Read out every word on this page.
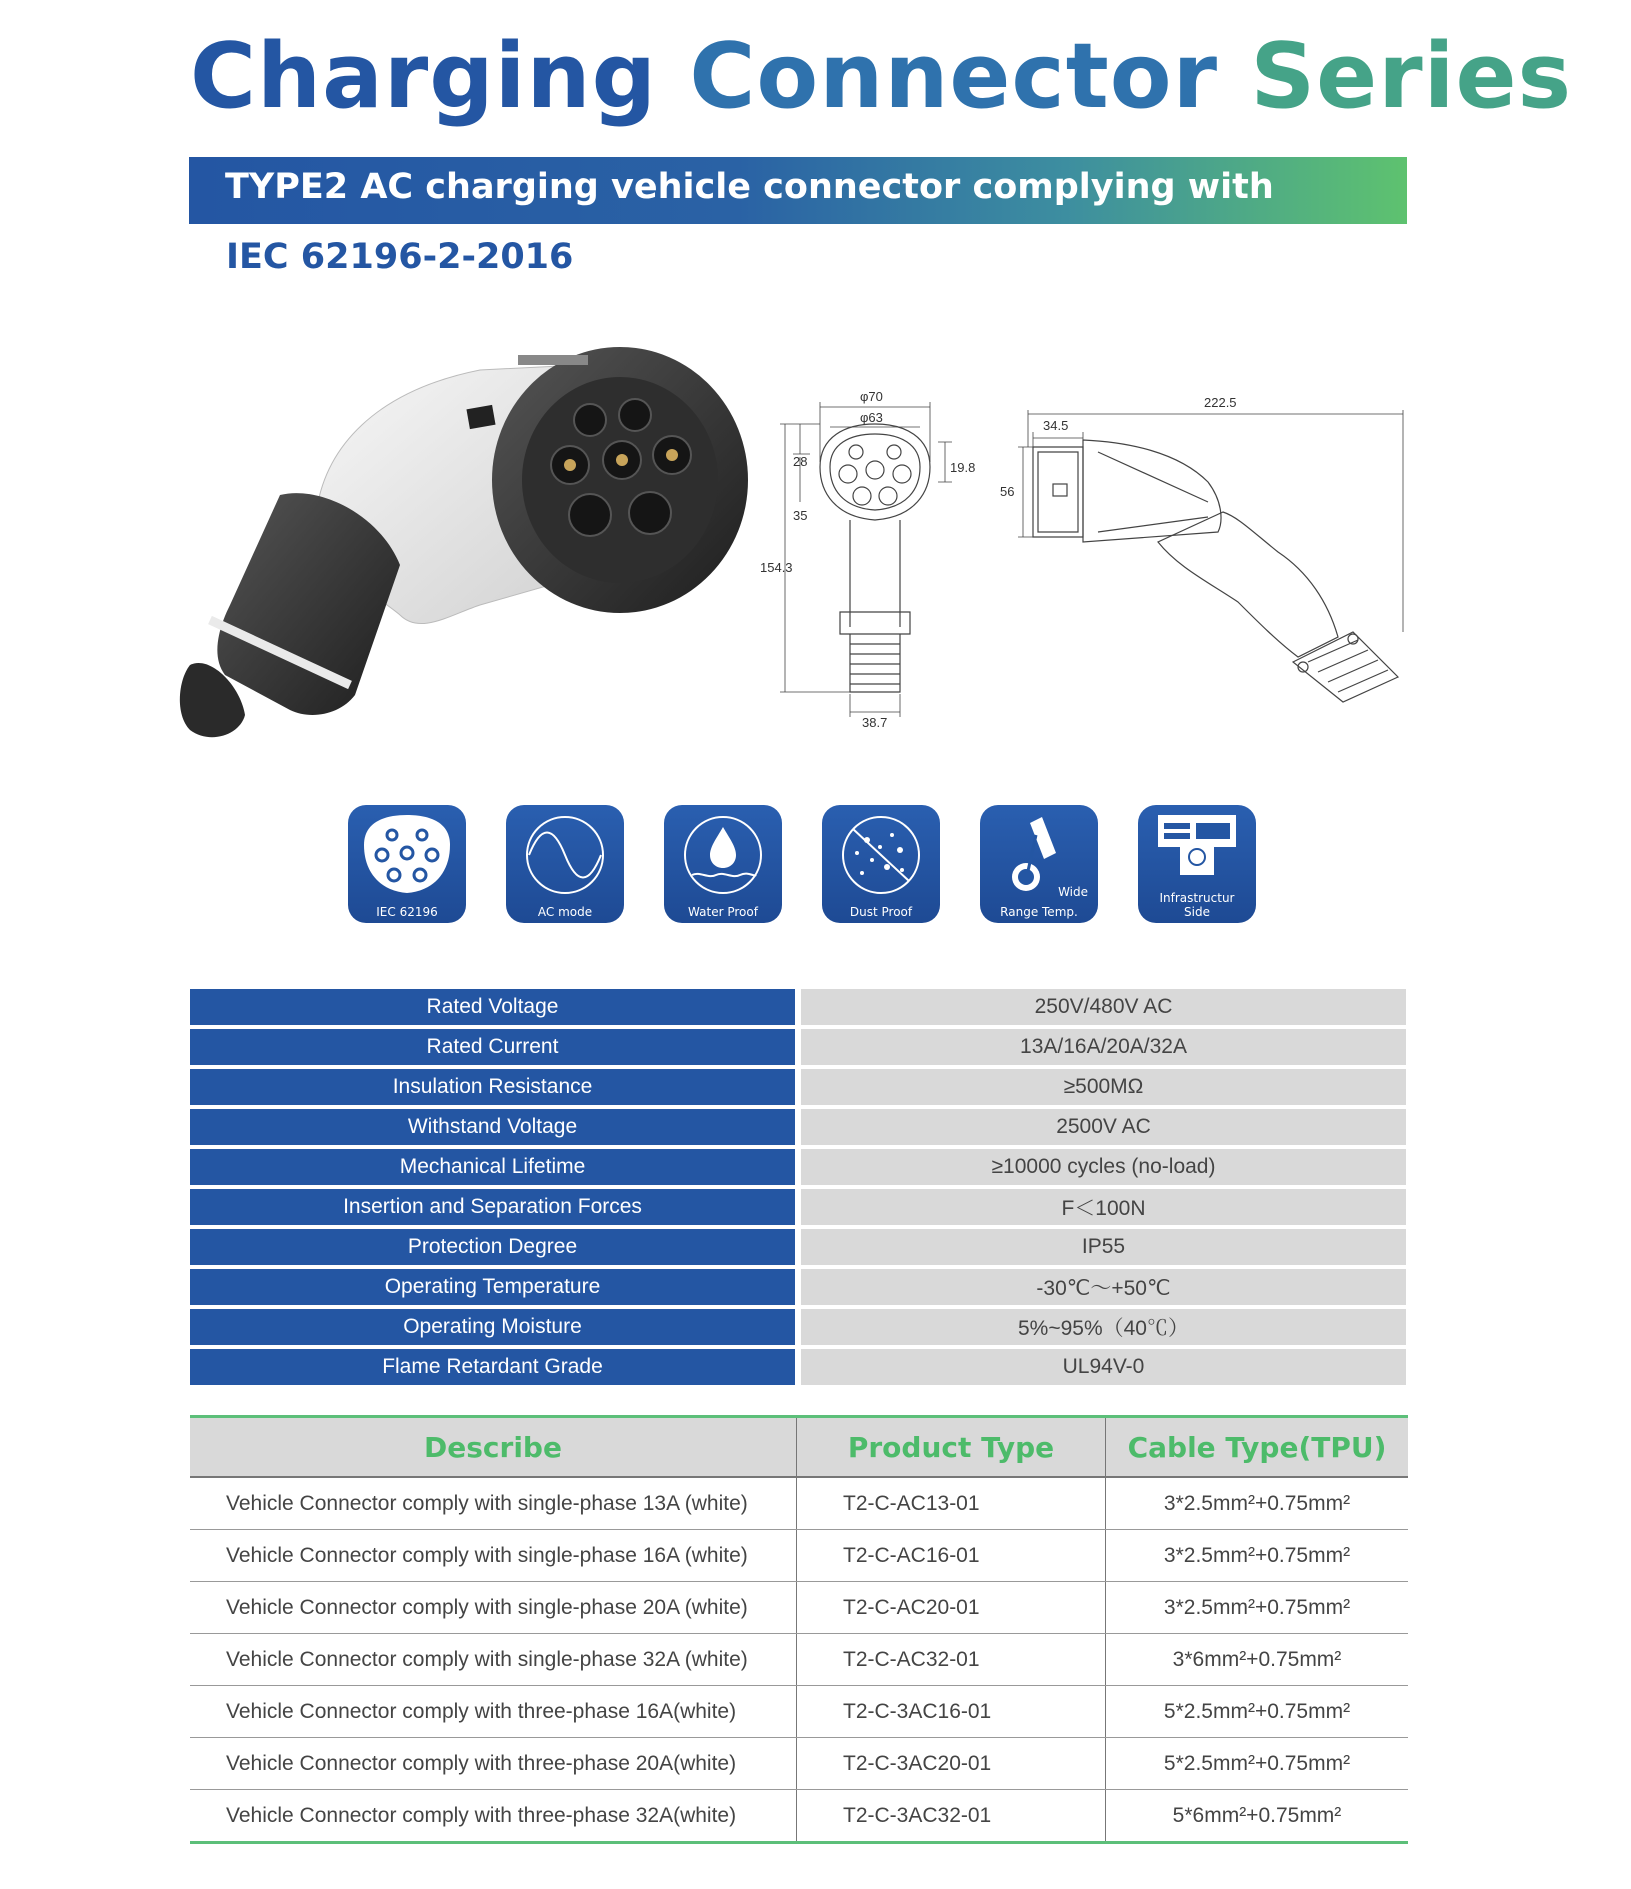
Charging Connector Series
TYPE2 AC charging vehicle connector complying with
IEC 62196-2-2016
φ70
φ63
28	19.8
35
154.3
38.7
222.5
34.5
56
IEC 62196	AC mode	Water Proof	Dust Proof
Wide
Range Temp.
Infrastructur
Side
Rated Voltage	250V/480V AC
Rated Current	13A/16A/20A/32A
Insulation Resistance	≥500MΩ
Withstand Voltage	2500V AC
Mechanical Lifetime	≥10000 cycles (no-load)
Insertion and Separation Forces	F＜100N
Protection Degree	IP55
Operating Temperature	-30℃～+50℃
Operating Moisture	5%~95%（40℃）
Flame Retardant Grade	UL94V-0
Describe	Product Type	Cable Type(TPU)
Vehicle Connector comply with single-phase 13A (white)	T2-C-AC13-01	3*2.5mm²+0.75mm²
Vehicle Connector comply with single-phase 16A (white)	T2-C-AC16-01	3*2.5mm²+0.75mm²
Vehicle Connector comply with single-phase 20A (white)	T2-C-AC20-01	3*2.5mm²+0.75mm²
Vehicle Connector comply with single-phase 32A (white)	T2-C-AC32-01	3*6mm²+0.75mm²
Vehicle Connector comply with three-phase 16A(white)	T2-C-3AC16-01	5*2.5mm²+0.75mm²
Vehicle Connector comply with three-phase 20A(white)	T2-C-3AC20-01	5*2.5mm²+0.75mm²
Vehicle Connector comply with three-phase 32A(white)	T2-C-3AC32-01	5*6mm²+0.75mm²
